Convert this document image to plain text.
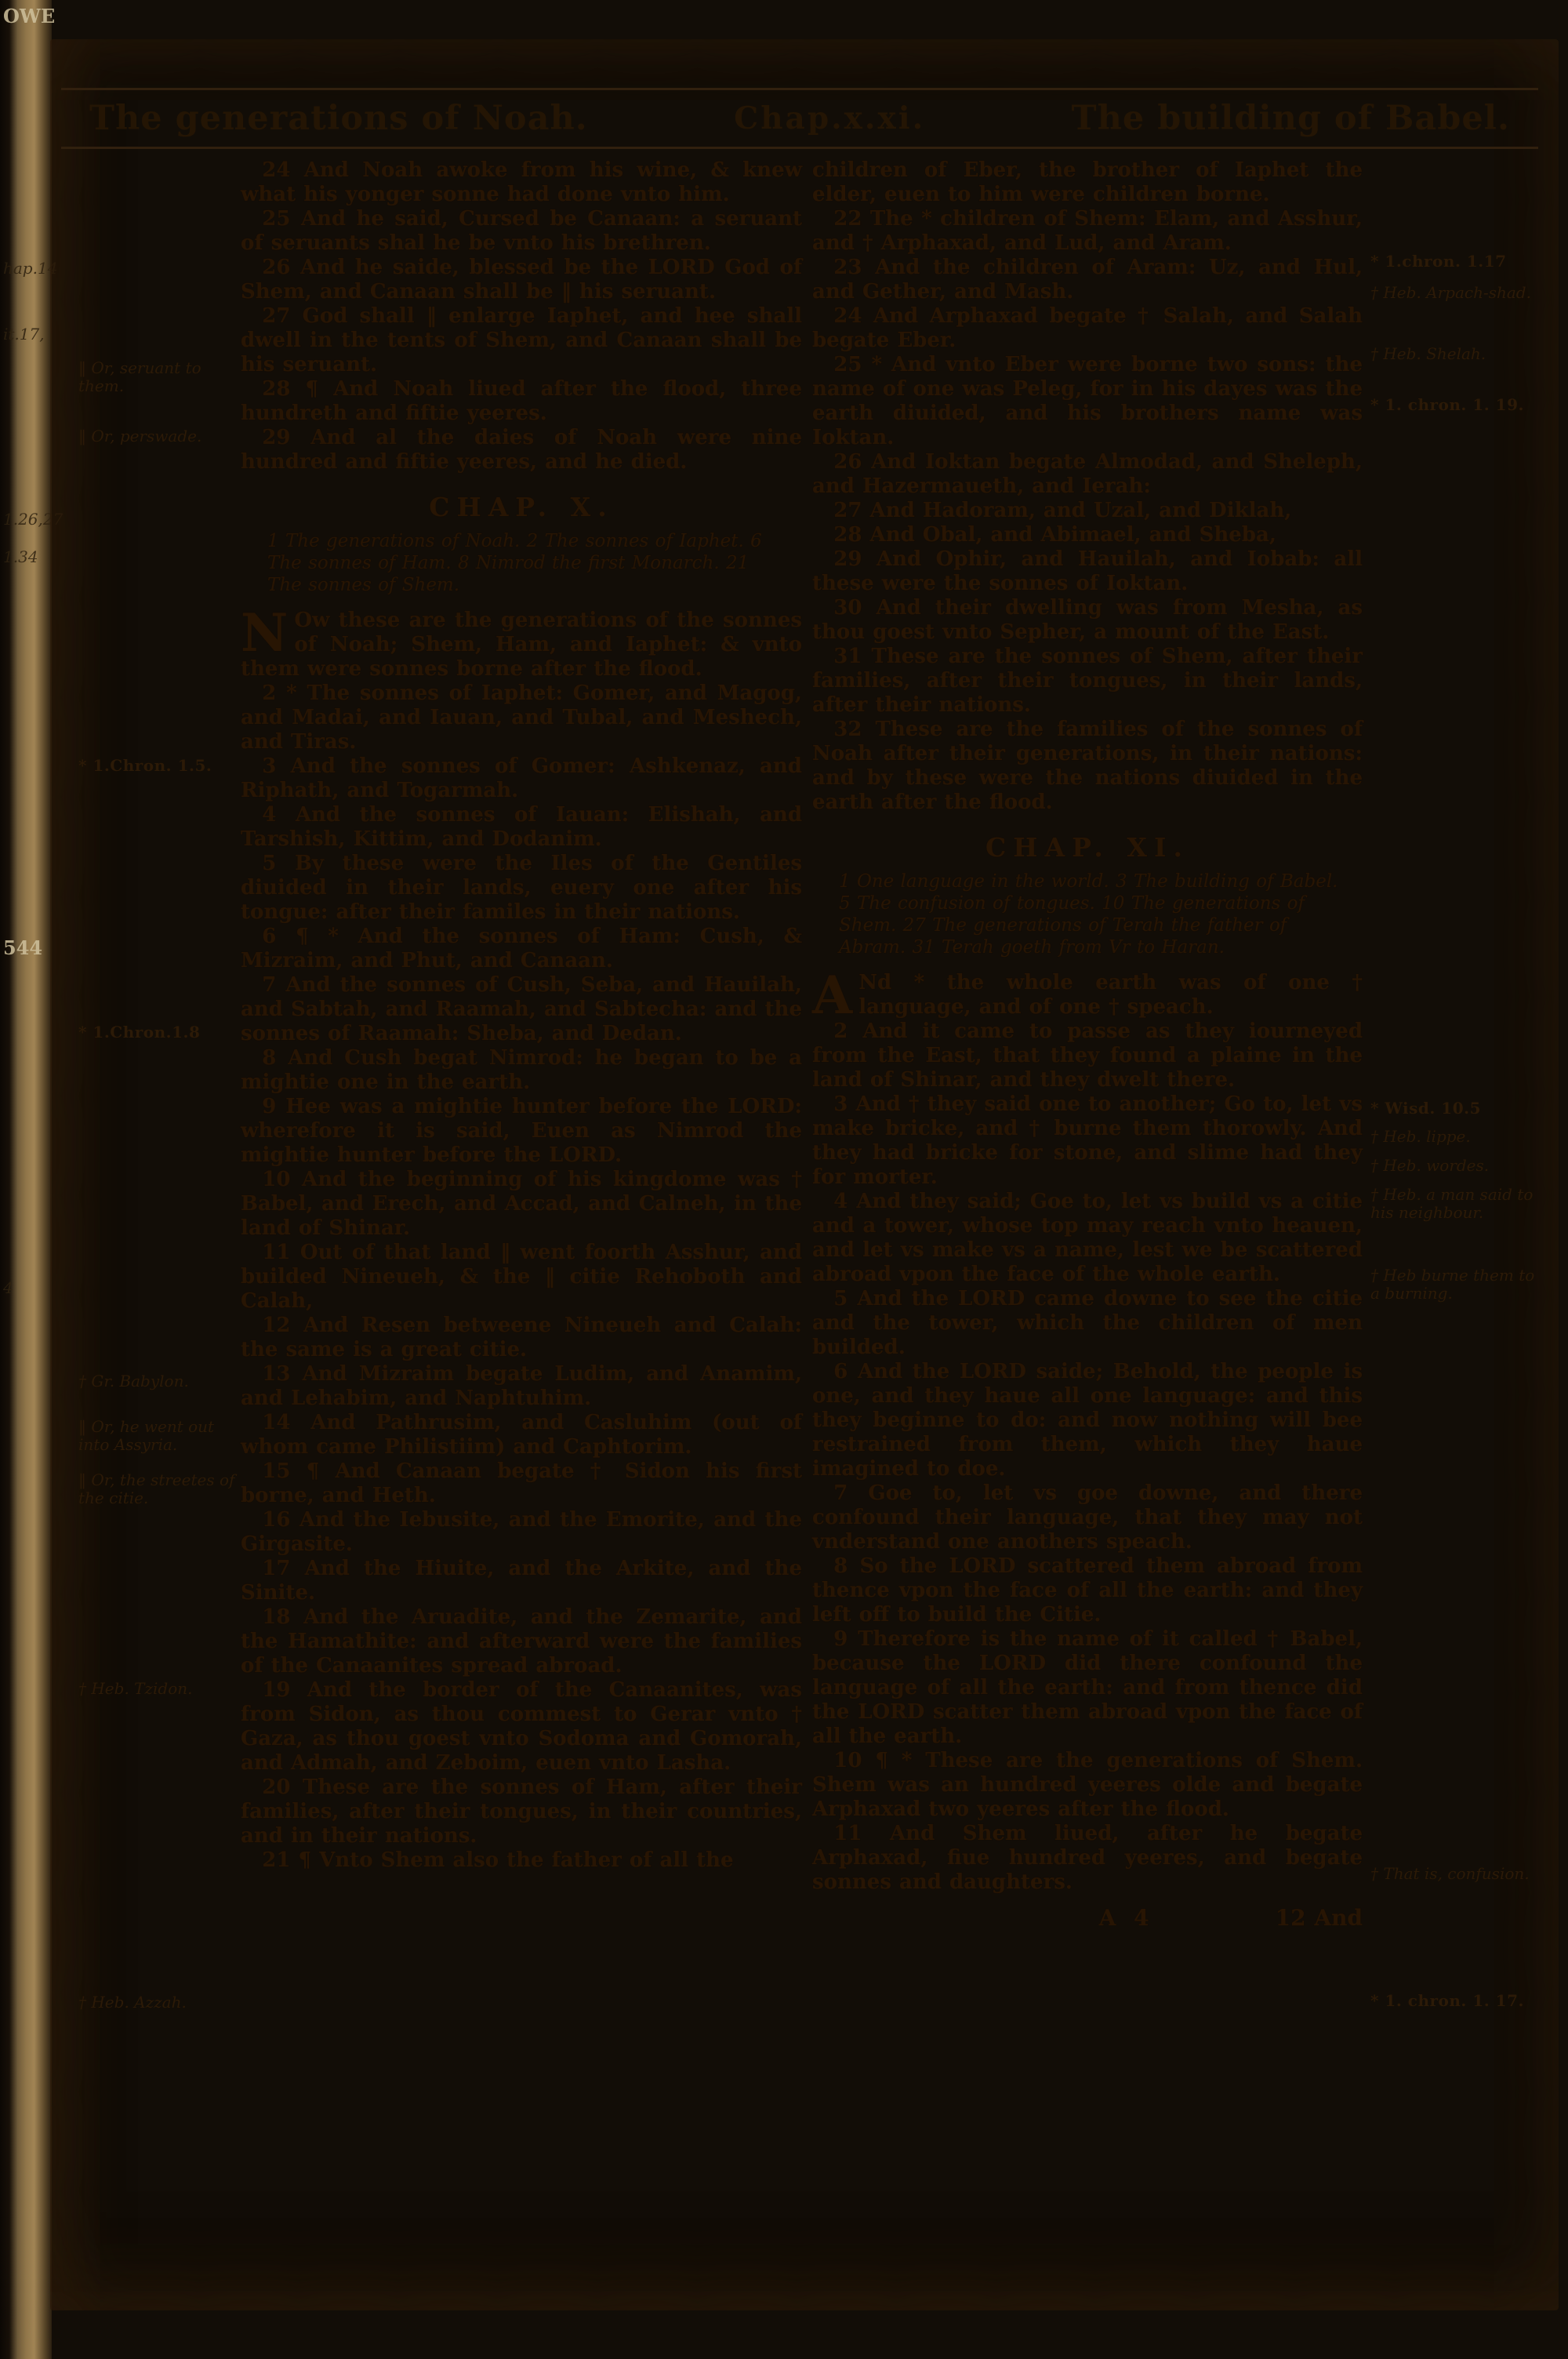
OWE
hap.14
it.17,
1.26,27
1.34
544
4
The generations of Noah.	Chap.x.xi.	The building of Babel.
‖ Or, seruant to them.
‖ Or, perswade.
* 1.Chron. 1.5.
* 1.Chron.1.8
† Gr. Babylon.
‖ Or, he went out into Assyria.
‖ Or, the streetes of the citie.
† Heb. Tzidon.
† Heb. Azzah.

24 And Noah awoke from his wine, & knew what his yonger sonne had done vnto him.

25 And he said, Cursed be Canaan: a seruant of seruants shal he be vnto his brethren.

26 And he saide, blessed be the LORD God of Shem, and Canaan shall be ‖ his seruant.

27 God shall ‖ enlarge Iaphet, and hee shall dwell in the tents of Shem, and Canaan shall be his seruant.

28 ¶ And Noah liued after the flood, three hundreth and fiftie yeeres.

29 And al the daies of Noah were nine hundred and fiftie yeeres, and he died.

CHAP. X.

1 The generations of Noah. 2 The sonnes of Iaphet. 6 The sonnes of Ham. 8 Nimrod the first Monarch. 21 The sonnes of Shem.

N Ow these are the generations of the sonnes of Noah; Shem, Ham, and Iaphet: & vnto them were sonnes borne after the flood.

2 * The sonnes of Iaphet: Gomer, and Magog, and Madai, and Iauan, and Tubal, and Meshech, and Tiras.

3 And the sonnes of Gomer: Ashkenaz, and Riphath, and Togarmah.

4 And the sonnes of Iauan: Elishah, and Tarshish, Kittim, and Dodanim.

5 By these were the Iles of the Gentiles diuided in their lands, euery one after his tongue: after their familes in their nations.

6 ¶ * And the sonnes of Ham: Cush, & Mizraim, and Phut, and Canaan.

7 And the sonnes of Cush, Seba, and Hauilah, and Sabtah, and Raamah, and Sabtecha: and the sonnes of Raamah: Sheba, and Dedan.

8 And Cush begat Nimrod: he began to be a mightie one in the earth.

9 Hee was a mightie hunter before the LORD: wherefore it is said, Euen as Nimrod the mightie hunter before the LORD.

10 And the beginning of his kingdome was † Babel, and Erech, and Accad, and Calneh, in the land of Shinar.

11 Out of that land ‖ went foorth Asshur, and builded Nineueh, & the ‖ citie Rehoboth and Calah,

12 And Resen betweene Nineueh and Calah: the same is a great citie.

13 And Mizraim begate Ludim, and Anamim, and Lehabim, and Naphtuhim.

14 And Pathrusim, and Casluhim (out of whom came Philistiim) and Caphtorim.

15 ¶ And Canaan begate † Sidon his first borne, and Heth.

16 And the Iebusite, and the Emorite, and the Girgasite.

17 And the Hiuite, and the Arkite, and the Sinite.

18 And the Aruadite, and the Zemarite, and the Hamathite: and afterward were the families of the Canaanites spread abroad.

19 And the border of the Canaanites, was from Sidon, as thou commest to Gerar vnto † Gaza, as thou goest vnto Sodoma and Gomorah, and Admah, and Zeboim, euen vnto Lasha.

20 These are the sonnes of Ham, after their families, after their tongues, in their countries, and in their nations.

21 ¶ Vnto Shem also the father of all the

children of Eber, the brother of Iaphet the elder, euen to him were children borne.

22 The * children of Shem: Elam, and Asshur, and † Arphaxad, and Lud, and Aram.

23 And the children of Aram: Uz, and Hul, and Gether, and Mash.

24 And Arphaxad begate † Salah, and Salah begate Eber.

25 * And vnto Eber were borne two sons: the name of one was Peleg, for in his dayes was the earth diuided, and his brothers name was Ioktan.

26 And Ioktan begate Almodad, and Sheleph, and Hazermaueth, and Ierah:

27 And Hadoram, and Uzal, and Diklah,

28 And Obal, and Abimael, and Sheba,

29 And Ophir, and Hauilah, and Iobab: all these were the sonnes of Ioktan.

30 And their dwelling was from Mesha, as thou goest vnto Sepher, a mount of the East.

31 These are the sonnes of Shem, after their families, after their tongues, in their lands, after their nations.

32 These are the families of the sonnes of Noah after their generations, in their nations: and by these were the nations diuided in the earth after the flood.

CHAP. XI.

1 One language in the world. 3 The building of Babel. 5 The confusion of tongues. 10 The generations of Shem. 27 The generations of Terah the father of Abram. 31 Terah goeth from Vr to Haran.

A Nd * the whole earth was of one † language, and of one † speach.

2 And it came to passe as they iourneyed from the East, that they found a plaine in the land of Shinar, and they dwelt there.

3 And † they said one to another; Go to, let vs make bricke, and † burne them thorowly. And they had bricke for stone, and slime had they for morter.

4 And they said; Goe to, let vs build vs a citie and a tower, whose top may reach vnto heauen, and let vs make vs a name, lest we be scattered abroad vpon the face of the whole earth.

5 And the LORD came downe to see the citie and the tower, which the children of men builded.

6 And the LORD saide; Behold, the people is one, and they haue all one language: and this they beginne to do: and now nothing will bee restrained from them, which they haue imagined to doe.

7 Goe to, let vs goe downe, and there confound their language, that they may not vnderstand one anothers speach.

8 So the LORD scattered them abroad from thence vpon the face of all the earth: and they left off to build the Citie.

9 Therefore is the name of it called † Babel, because the LORD did there confound the language of all the earth: and from thence did the LORD scatter them abroad vpon the face of all the earth.

10 ¶ * These are the generations of Shem. Shem was an hundred yeeres olde and begate Arphaxad two yeeres after the flood.

11 And Shem liued, after he begate Arphaxad, fiue hundred yeeres, and begate sonnes and daughters.

A 4	12 And
* 1.chron. 1.17
† Heb. Arpach-shad.
† Heb. Shelah.
* 1. chron. 1. 19.
* Wisd. 10.5
† Heb. lippe.
† Heb. wordes.
† Heb. a man said to his neighbour.
† Heb burne them to a burning.
† That is, confusion.
* 1. chron. 1. 17.
